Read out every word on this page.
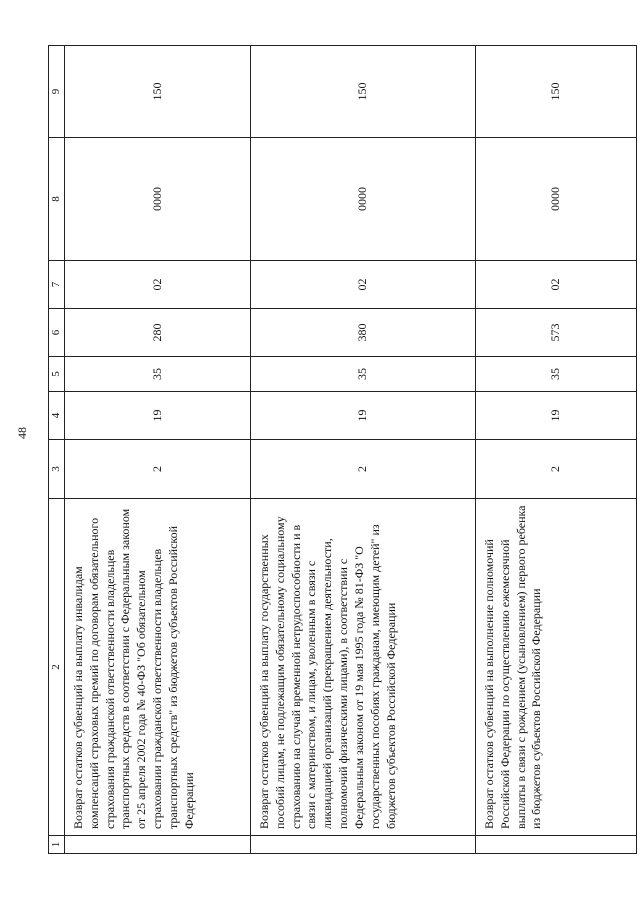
48
1	2	3	4	5	6	7	8	9
	Возврат остатков субвенций на выплату инвалидам компенсаций страховых премий по договорам обязательного страхования гражданской ответственности владельцев транспортных средств в соответствии с Федеральным законом от 25 апреля 2002 года № 40-ФЗ "Об обязательном страховании гражданской ответственности владельцев транспортных средств" из бюджетов субъектов Российской Федерации	2	19	35	280	02	0000	150
	Возврат остатков субвенций на выплату государственных пособий лицам, не подлежащим обязательному социальному страхованию на случай временной нетрудоспособности и в связи с материнством, и лицам, уволенным в связи с ликвидацией организаций (прекращением деятельности, полномочий физическими лицами), в соответствии с Федеральным законом от 19 мая 1995 года № 81-ФЗ "О государственных пособиях гражданам, имеющим детей" из бюджетов субъектов Российской Федерации	2	19	35	380	02	0000	150
	Возврат остатков субвенций на выполнение полномочий Российской Федерации по осуществлению ежемесячной выплаты в связи с рождением (усыновлением) первого ребенка из бюджетов субъектов Российской Федерации	2	19	35	573	02	0000	150
